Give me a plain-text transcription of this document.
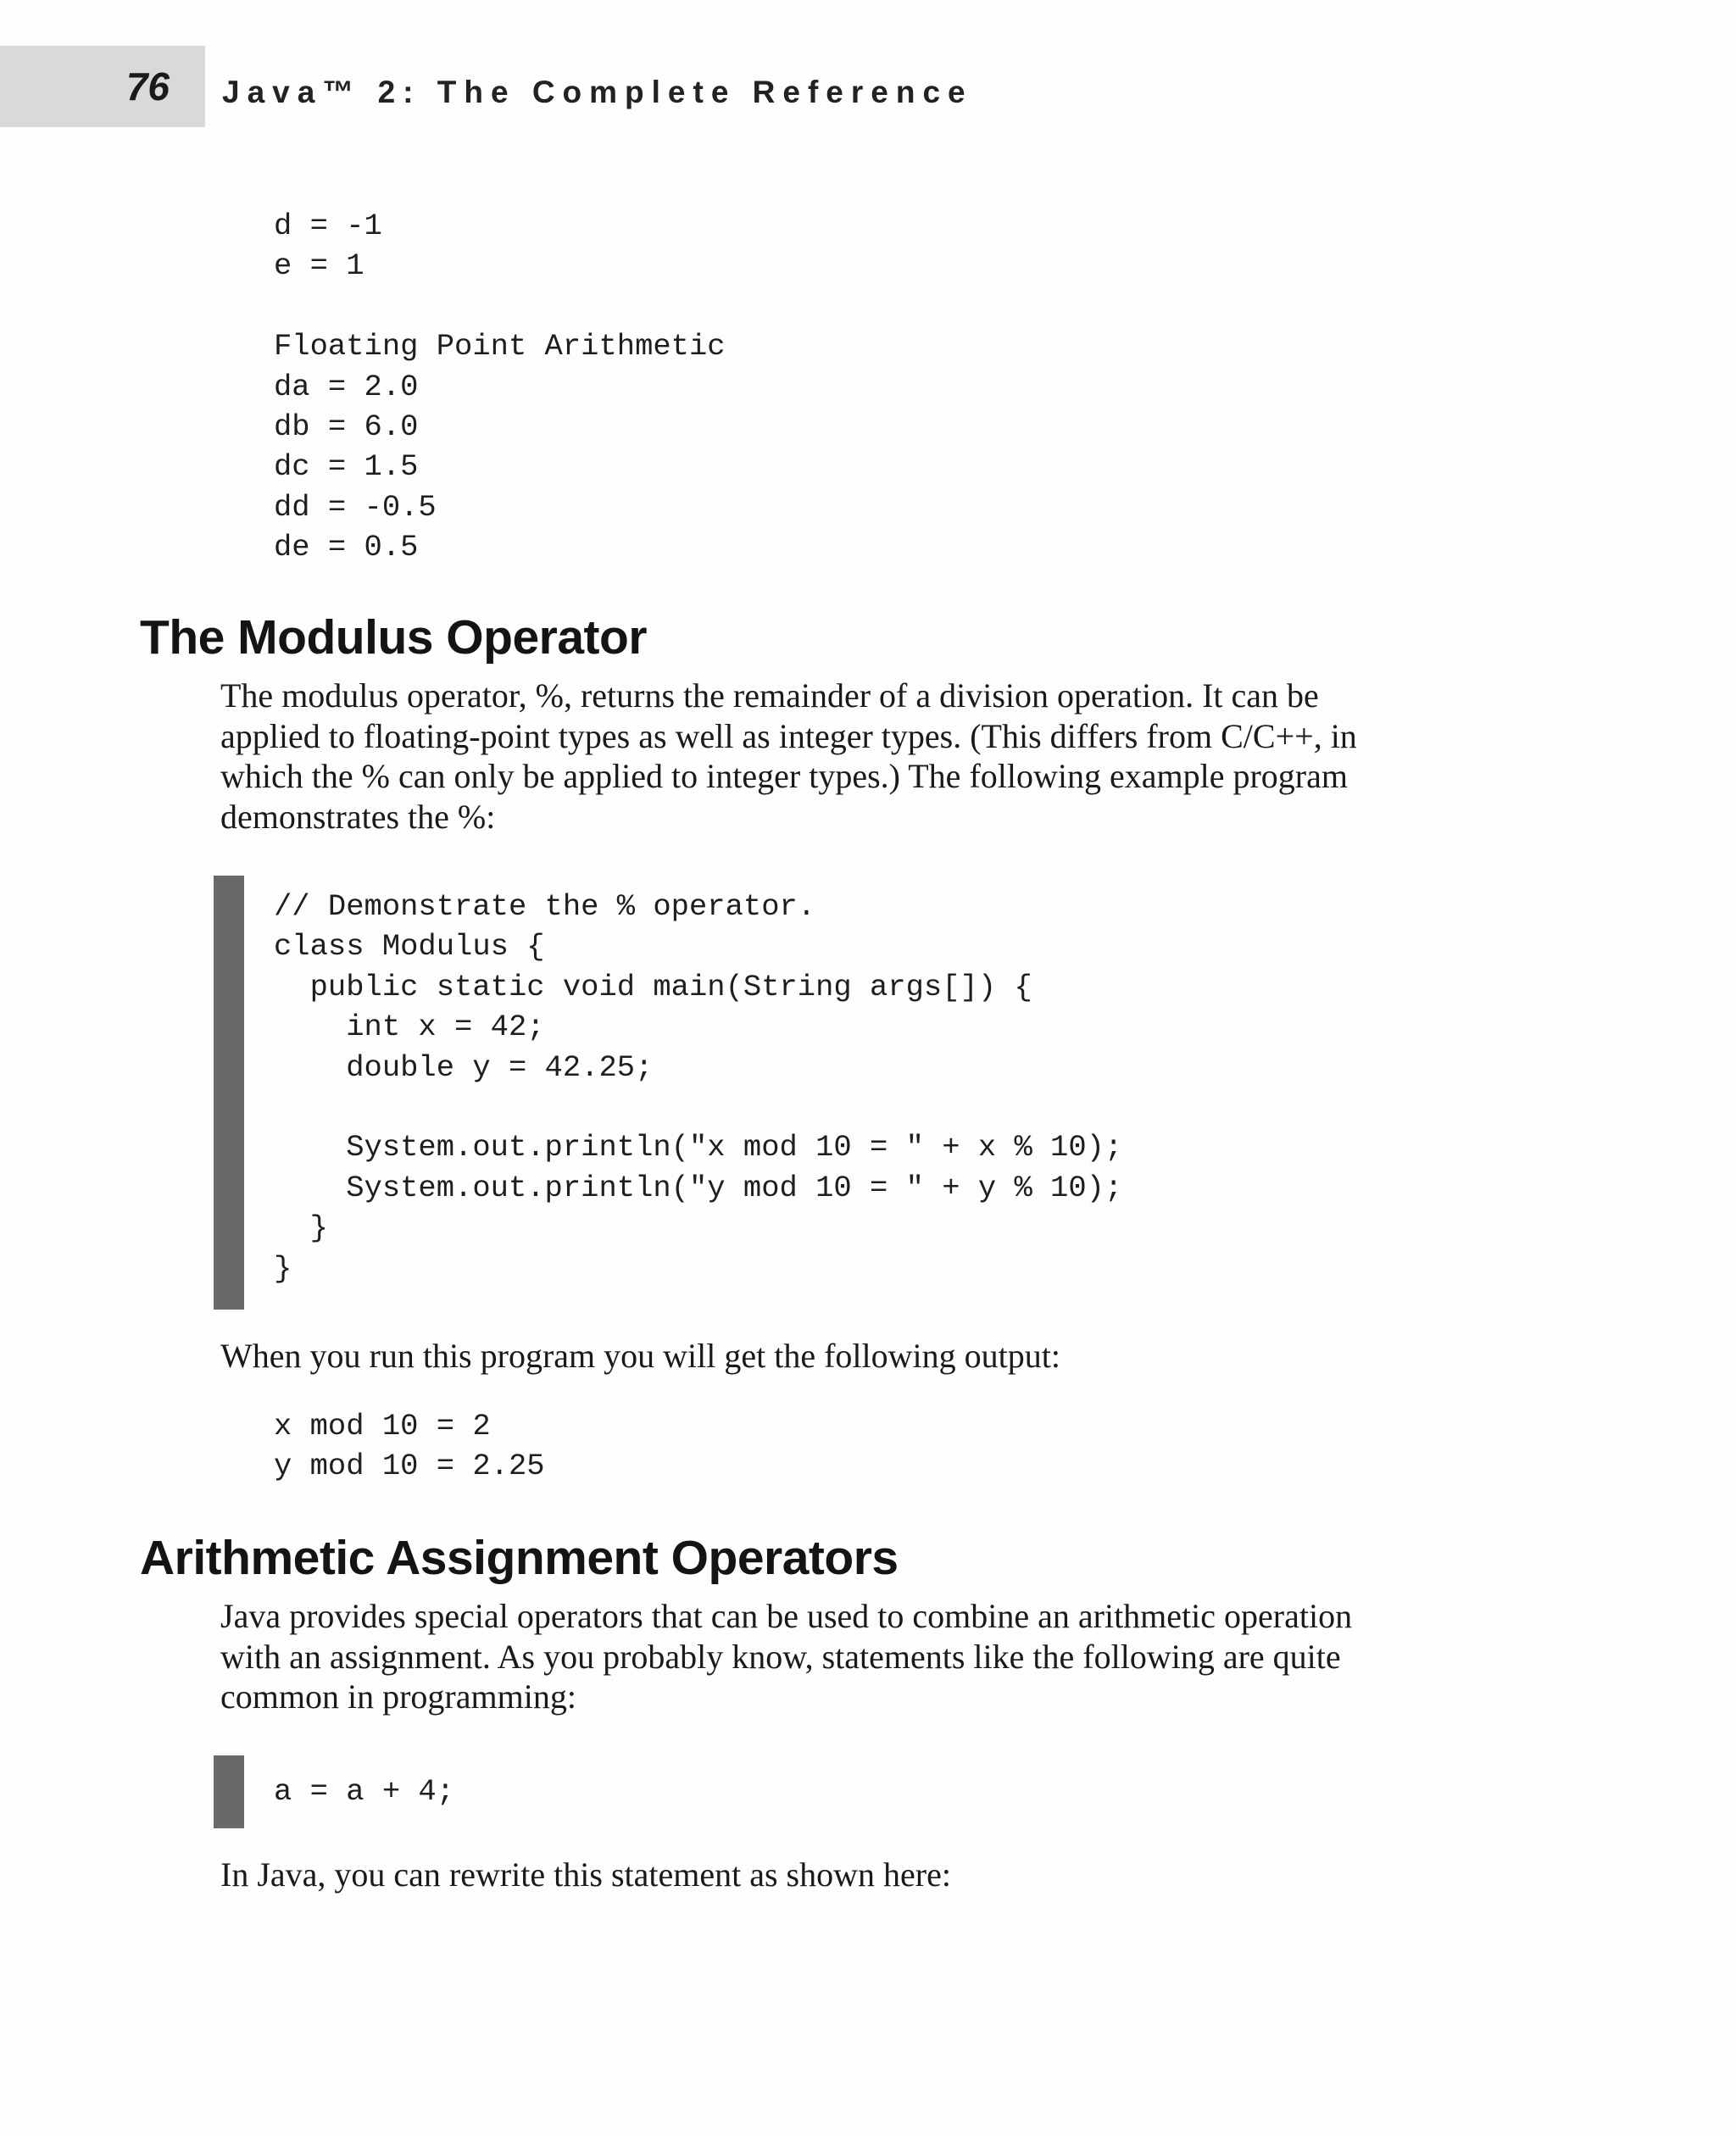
76 Java™ 2: The Complete Reference
d = -1
e = 1
Floating Point Arithmetic
da = 2.0
db = 6.0
dc = 1.5
dd = -0.5
de = 0.5
The Modulus Operator

The modulus operator, %, returns the remainder of a division operation. It can be
applied to floating-point types as well as integer types. (This differs from C/C++, in
which the % can only be applied to integer types.) The following example program
demonstrates the %:

// Demonstrate the % operator.
class Modulus {
public static void main(String args[]) {
int x = 42;
double y = 42.25;
System.out.println("x mod 10 = " + x % 10);
System.out.println("y mod 10 = " + y % 10);
}
}

When you run this program you will get the following output:

x mod 10 = 2
y mod 10 = 2.25
Arithmetic Assignment Operators

Java provides special operators that can be used to combine an arithmetic operation
with an assignment. As you probably know, statements like the following are quite
common in programming:

a = a + 4;

In Java, you can rewrite this statement as shown here:
